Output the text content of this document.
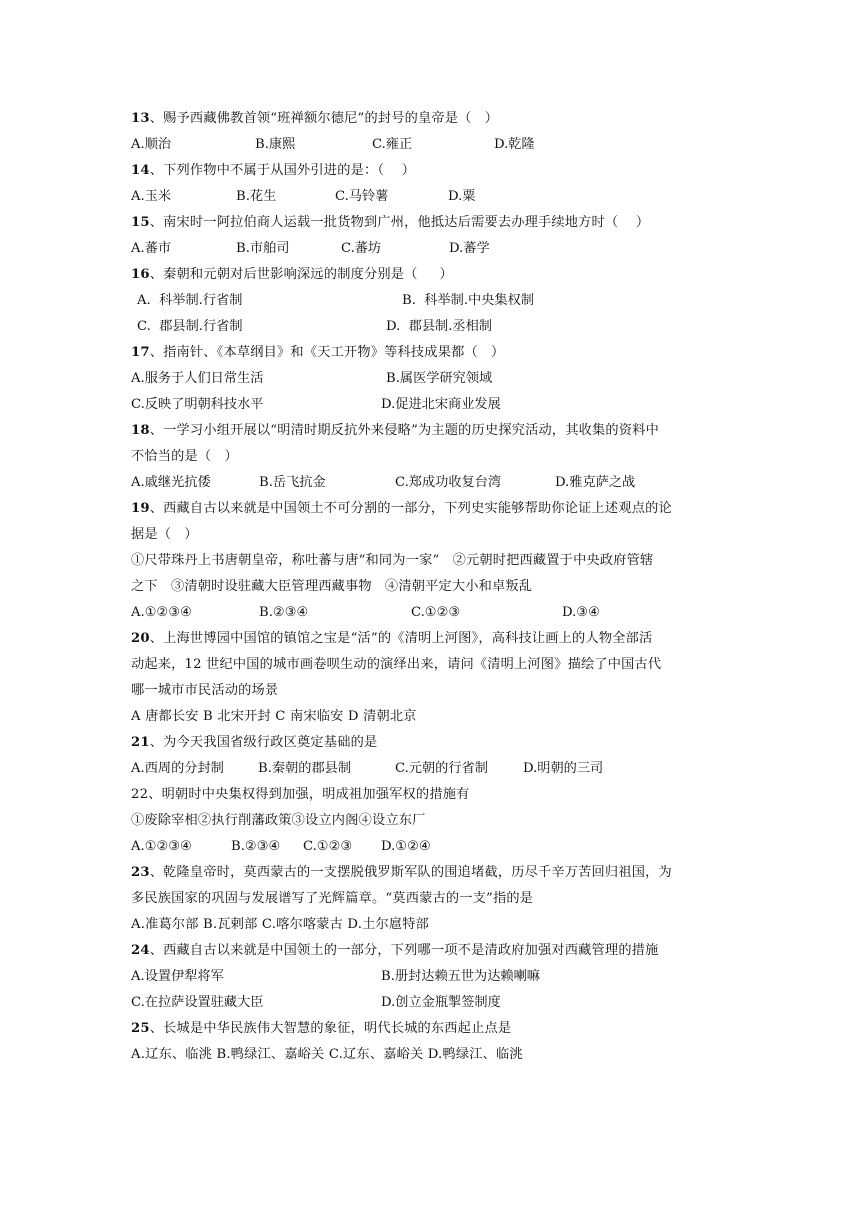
13、赐予西藏佛教首领“班禅额尔德尼”的封号的皇帝是（   ）
A.顺治	B.康熙	C.雍正	D.乾隆
14、下列作物中不属于从国外引进的是：（    ）
A.玉米	B.花生	C.马铃薯	D.粟
15、南宋时一阿拉伯商人运载一批货物到广州，他抵达后需要去办理手续地方时（    ）
A.蕃市	B.市舶司	C.蕃坊	D.蕃学
16、秦朝和元朝对后世影响深远的制度分别是（     ）
A.  科举制.行省制	B.  科举制.中央集权制
C.  郡县制.行省制	D.  郡县制.丞相制
17、指南针、《本草纲目》和《天工开物》等科技成果都（   ）
A.服务于人们日常生活	B.属医学研究领域
C.反映了明朝科技水平	D.促进北宋商业发展
18、一学习小组开展以“明清时期反抗外来侵略”为主题的历史探究活动，其收集的资料中
不恰当的是（   ）
A.戚继光抗倭	B.岳飞抗金	C.郑成功收复台湾	D.雅克萨之战
19、西藏自古以来就是中国领土不可分割的一部分，下列史实能够帮助你论证上述观点的论
据是（   ）
①尺带珠丹上书唐朝皇帝，称吐蕃与唐“和同为一家”   ②元朝时把西藏置于中央政府管辖
之下   ③清朝时设驻藏大臣管理西藏事物   ④清朝平定大小和卓叛乱
A.①②③④	B.②③④	C.①②③	D.③④
20、上海世博园中国馆的镇馆之宝是“活”的《清明上河图》，高科技让画上的人物全部活
动起来，12 世纪中国的城市画卷呗生动的演绎出来，请问《清明上河图》描绘了中国古代
哪一城市市民活动的场景
A 唐都长安 B 北宋开封 C 南宋临安 D 清朝北京
21、为今天我国省级行政区奠定基础的是
A.西周的分封制	B.秦朝的郡县制	C.元朝的行省制	D.明朝的三司
22、明朝时中央集权得到加强，明成祖加强军权的措施有
①废除宰相②执行削藩政策③设立内阁④设立东厂
A.①②③④	B.②③④ C.①②③ D.①②④
23、乾隆皇帝时，莫西蒙古的一支摆脱俄罗斯军队的围追堵截，历尽千辛万苦回归祖国，为
多民族国家的巩固与发展谱写了光辉篇章。“莫西蒙古的一支”指的是
A.准葛尔部 B.瓦剌部 C.喀尔喀蒙古 D.土尔扈特部
24、西藏自古以来就是中国领土的一部分，下列哪一项不是清政府加强对西藏管理的措施
A.设置伊犁将军	B.册封达赖五世为达赖喇嘛
C.在拉萨设置驻藏大臣	D.创立金瓶掣签制度
25、长城是中华民族伟大智慧的象征，明代长城的东西起止点是
A.辽东、临洮 B.鸭绿江、嘉峪关 C.辽东、嘉峪关 D.鸭绿江、临洮
